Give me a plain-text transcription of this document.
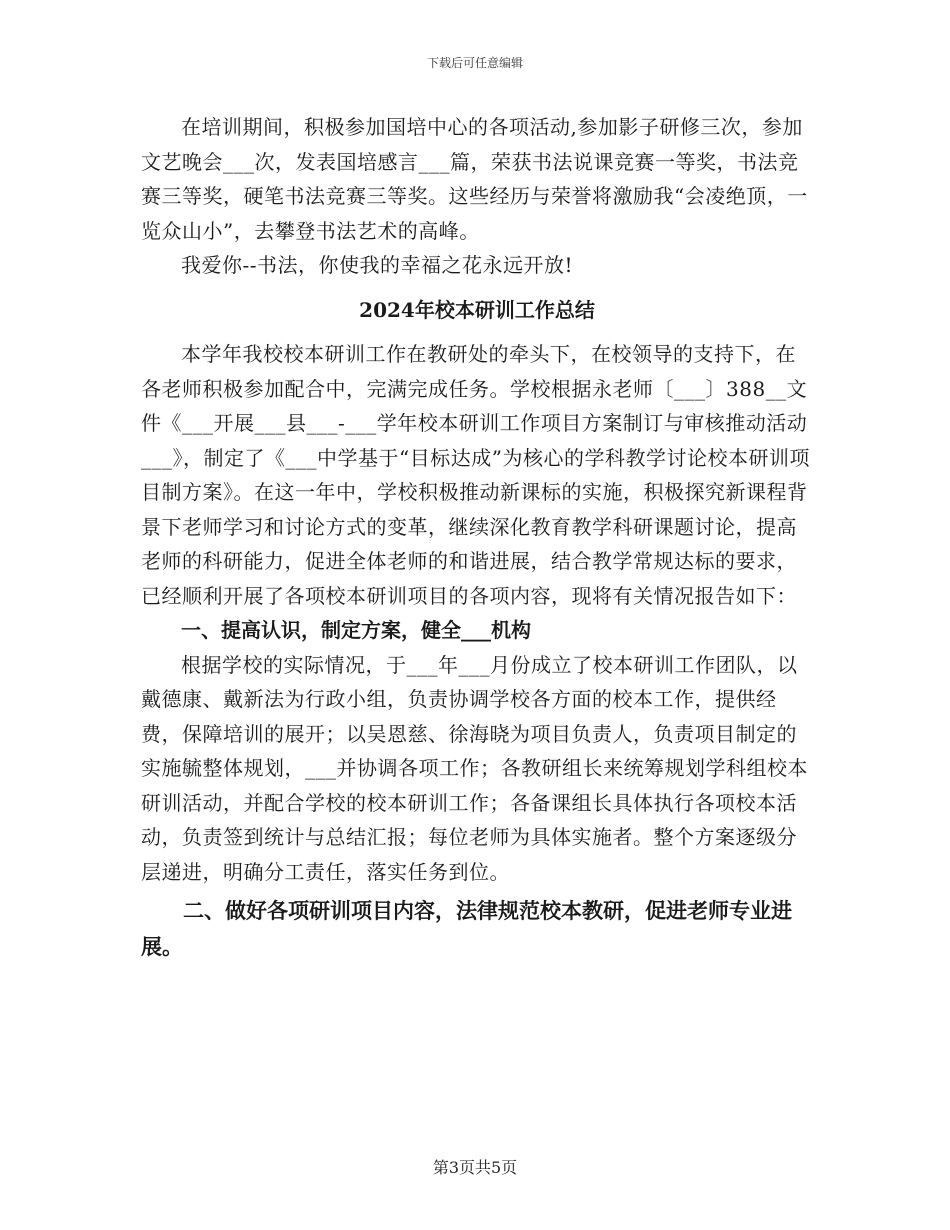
下载后可任意编辑

在培训期间，积极参加国培中心的各项活动,参加影子研修三次，参加文艺晚会___次，发表国培感言___篇，荣获书法说课竞赛一等奖，书法竞赛三等奖，硬笔书法竞赛三等奖。这些经历与荣誉将激励我“会凌绝顶，一览众山小”，去攀登书法艺术的高峰。

我爱你--书法，你使我的幸福之花永远开放!

2024年校本研训工作总结

本学年我校校本研训工作在教研处的牵头下，在校领导的支持下，在各老师积极参加配合中，完满完成任务。学校根据永老师〔___〕388__文件《___开展___县___-___学年校本研训工作项目方案制订与审核推动活动___》，制定了《___中学基于“目标达成”为核心的学科教学讨论校本研训项目制方案》。在这一年中，学校积极推动新课标的实施，积极探究新课程背景下老师学习和讨论方式的变革，继续深化教育教学科研课题讨论，提高老师的科研能力，促进全体老师的和谐进展，结合教学常规达标的要求，已经顺利开展了各项校本研训项目的各项内容，现将有关情况报告如下：

一、提高认识，制定方案，健全___机构

根据学校的实际情况，于___年___月份成立了校本研训工作团队，以戴德康、戴新法为行政小组，负责协调学校各方面的校本工作，提供经费，保障培训的展开；以吴恩慈、徐海晓为项目负责人，负责项目制定的实施毓整体规划，___并协调各项工作；各教研组长来统筹规划学科组校本研训活动，并配合学校的校本研训工作；各备课组长具体执行各项校本活动，负责签到统计与总结汇报；每位老师为具体实施者。整个方案逐级分层递进，明确分工责任，落实任务到位。

二、做好各项研训项目内容，法律规范校本教研，促进老师专业进展。

第3页共5页
